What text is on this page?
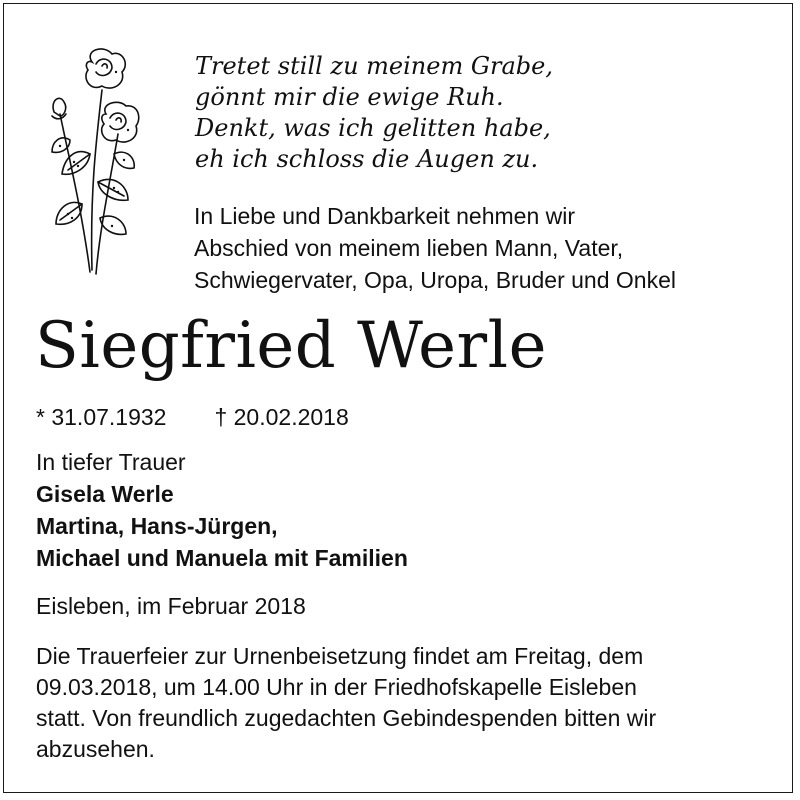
Tretet still zu meinem Grabe,
gönnt mir die ewige Ruh.
Denkt, was ich gelitten habe,
eh ich schloss die Augen zu.
In Liebe und Dankbarkeit nehmen wir
Abschied von meinem lieben Mann, Vater,
Schwiegervater, Opa, Uropa, Bruder und Onkel
Siegfried Werle
* 31.07.1932 † 20.02.2018
In tiefer Trauer
Gisela Werle
Martina, Hans-Jürgen,
Michael und Manuela mit Familien
Eisleben, im Februar 2018
Die Trauerfeier zur Urnenbeisetzung findet am Freitag, dem
09.03.2018, um 14.00 Uhr in der Friedhofskapelle Eisleben
statt. Von freundlich zugedachten Gebindespenden bitten wir
abzusehen.
